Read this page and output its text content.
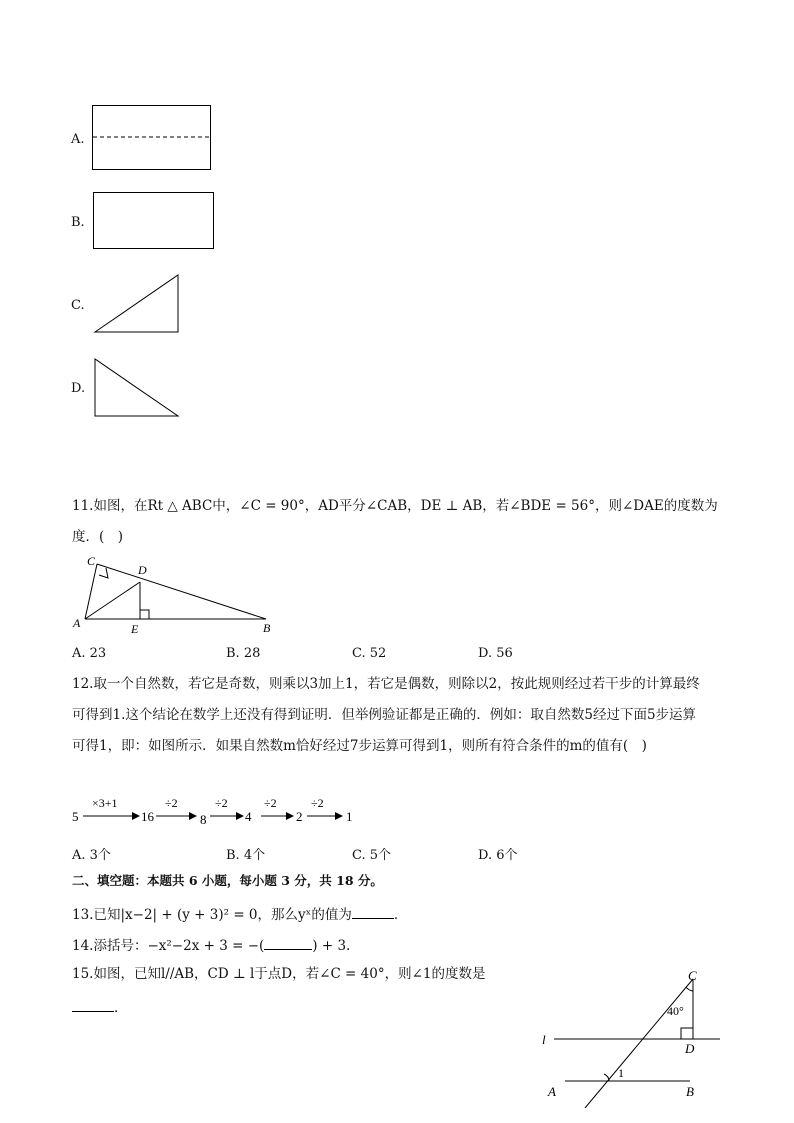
A.
B.
C.
D.
11.如图，在Rt △ ABC中，∠C = 90°，AD平分∠CAB，DE ⊥ AB，若∠BDE = 56°，则∠DAE的度数为
度．(　)
C
D
A	E	B
A. 23	B. 28	C. 52	D. 56
12.取一个自然数，若它是奇数，则乘以3加上1，若它是偶数，则除以2，按此规则经过若干步的计算最终
可得到1.这个结论在数学上还没有得到证明．但举例验证都是正确的．例如：取自然数5经过下面5步运算
可得1，即：如图所示．如果自然数m恰好经过7步运算可得到1，则所有符合条件的m的值有(　)
5
×3+1
16
÷2
8
÷2
4
÷2
2
÷2
1
A. 3个	B. 4个	C. 5个	D. 6个
二、填空题：本题共 6 小题，每小题 3 分，共 18 分。
13.已知|x−2| + (y + 3)² = 0，那么yˣ的值为	．
14.添括号：−x²−2x + 3 = −(	) + 3.
15.如图，已知l//AB，CD ⊥ l于点D，若∠C = 40°，则∠1的度数是
．
C
40°
l
D
1
A	B
